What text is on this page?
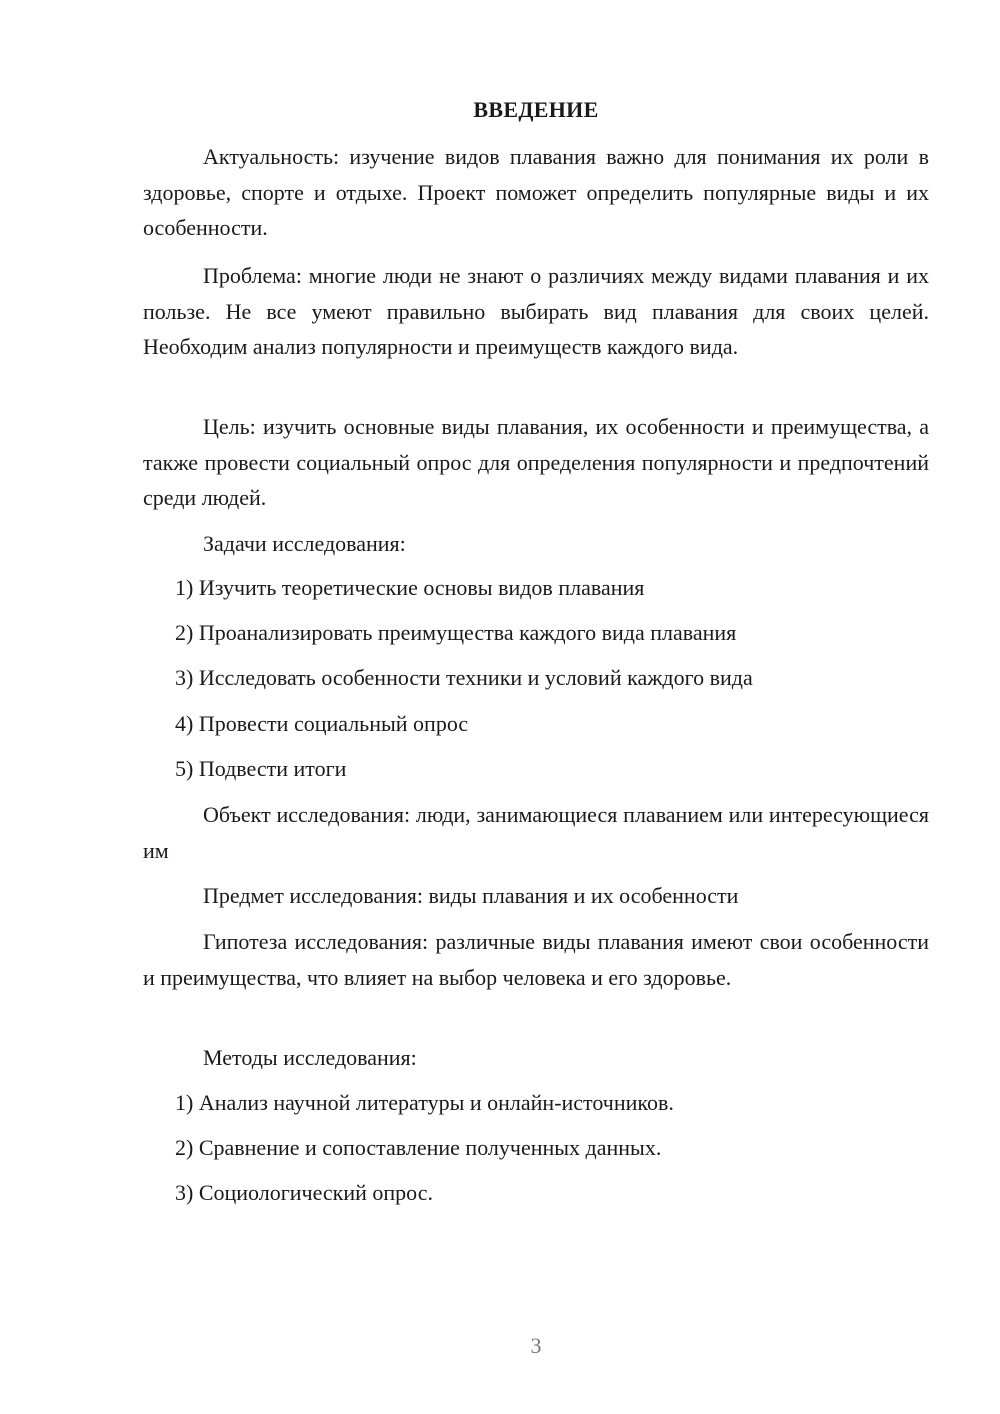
ВВЕДЕНИЕ

Актуальность: изучение видов плавания важно для понимания их роли в здоровье, спорте и отдыхе. Проект поможет определить популярные виды и их особенности.

Проблема: многие люди не знают о различиях между видами плавания и их пользе. Не все умеют правильно выбирать вид плавания для своих целей. Необходим анализ популярности и преимуществ каждого вида.

Цель: изучить основные виды плавания, их особенности и преимущества, а также провести социальный опрос для определения популярности и предпочтений среди людей.

Задачи исследования:

1) Изучить теоретические основы видов плавания
2) Проанализировать преимущества каждого вида плавания
3) Исследовать особенности техники и условий каждого вида
4) Провести социальный опрос
5) Подвести итоги

Объект исследования: люди, занимающиеся плаванием или интересующиеся им

Предмет исследования: виды плавания и их особенности

Гипотеза исследования: различные виды плавания имеют свои особенности и преимущества, что влияет на выбор человека и его здоровье.

Методы исследования:

1) Анализ научной литературы и онлайн-источников.
2) Сравнение и сопоставление полученных данных.
3) Социологический опрос.
3
